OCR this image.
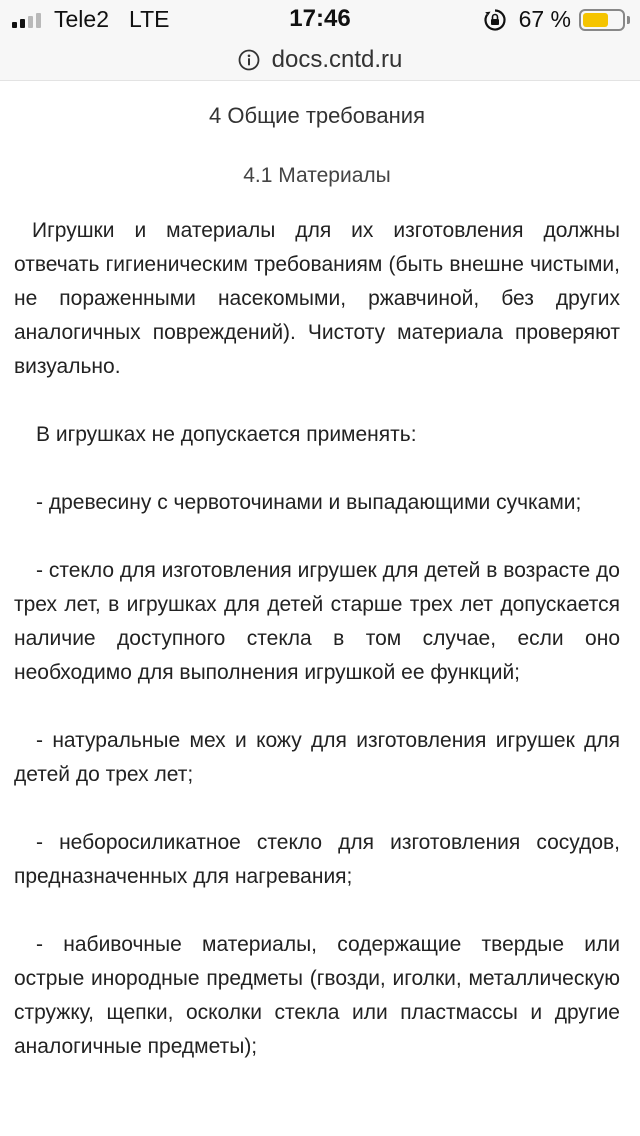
Tele2 LTE	17:46	67 %
docs.cntd.ru
4 Общие требования
4.1 Материалы

Игрушки и материалы для их изготовления должны отвечать гигиеническим требованиям (быть внешне чистыми, не пораженными насекомыми, ржавчиной, без других аналогичных повреждений). Чистоту материала проверяют визуально.

В игрушках не допускается применять:

- древесину с червоточинами и выпадающими сучками;

- стекло для изготовления игрушек для детей в возрасте до трех лет, в игрушках для детей старше трех лет допускается наличие доступного стекла в том случае, если оно необходимо для выполнения игрушкой ее функций;

- натуральные мех и кожу для изготовления игрушек для детей до трех лет;

- неборосиликатное стекло для изготовления сосудов, предназначенных для нагревания;

- набивочные материалы, содержащие твердые или острые инородные предметы (гвозди, иголки, металлическую стружку, щепки, осколки стекла или пластмассы и другие аналогичные предметы);
